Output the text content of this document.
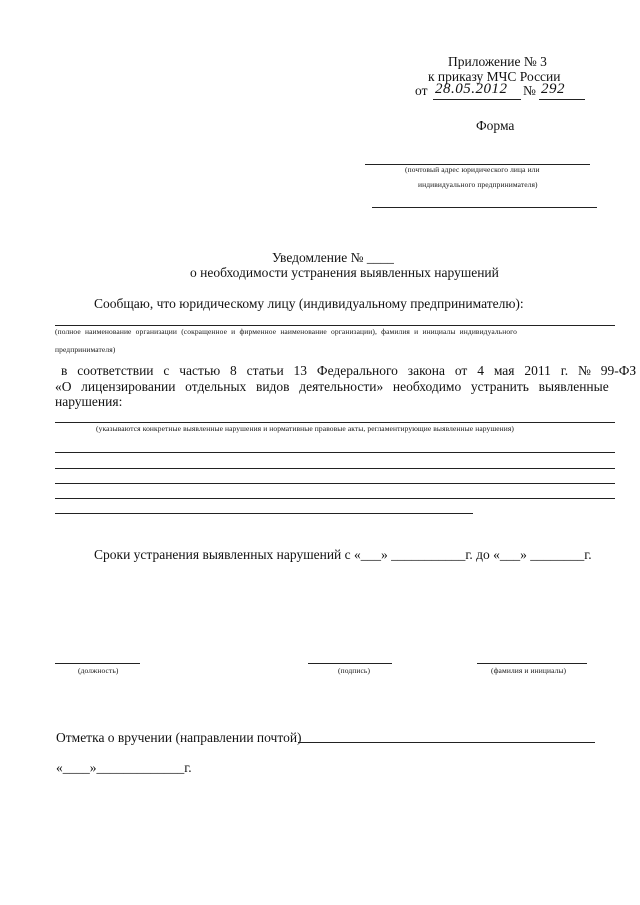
Приложение № 3
к приказу МЧС России
от 28.05.2012 № 292
Форма
(почтовый адрес юридического лица или
индивидуального предпринимателя)
Уведомление № ____
о необходимости устранения выявленных нарушений
Сообщаю, что юридическому лицу (индивидуальному предпринимателю):
(полное наименование организации (сокращенное и фирменное наименование организации), фамилия и инициалы индивидуального
предпринимателя)
в соответствии с частью 8 статьи 13 Федерального закона от 4 мая 2011 г. № 99-ФЗ
«О лицензировании отдельных видов деятельности» необходимо устранить выявленные
нарушения:
(указываются конкретные выявленные нарушения и нормативные правовые акты, регламентирующие выявленные нарушения)
Сроки устранения выявленных нарушений с «___» ___________г. до «___» ________г.
(должность)	(подпись)	(фамилия и инициалы)
Отметка о вручении (направлении почтой)
«____»_____________г.
